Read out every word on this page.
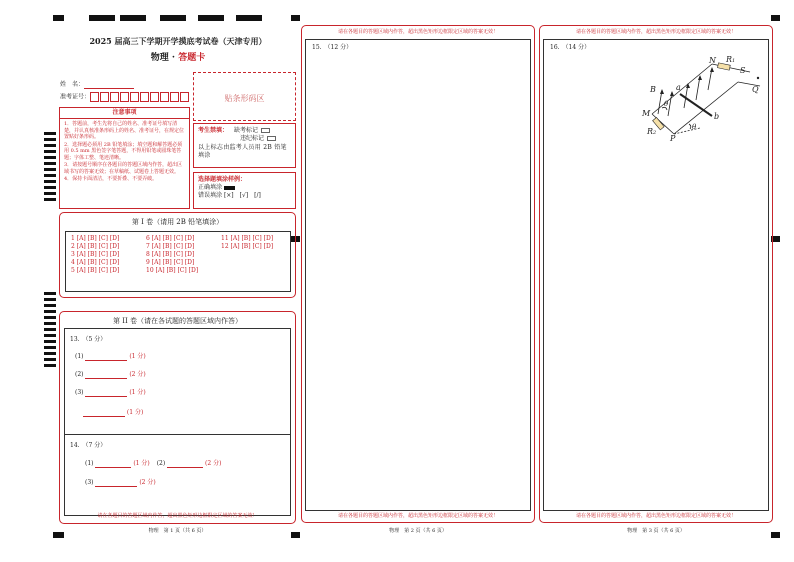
2025 届高三下学期开学摸底考试卷（天津专用）
物理 · 答题卡
姓　名：
准考证号：	贴条形码区
注意事项
1．答题前，考生先将自己的姓名、准考证号填写清楚，并认真核准条形码上的姓名、准考证号，在规定位置贴好条形码。
2．选择题必须用 2B 铅笔填涂；填空题和解答题必须用 0.5 mm 黑色签字笔答题，不得用铅笔或圆珠笔答题；字体工整、笔迹清晰。
3．请按题号顺序在各题目的答题区域内作答，超出区域书写的答案无效；在草稿纸、试题卷上答题无效。
4．保持卡面清洁，不要折叠、不要弄破。
考生禁填： 缺考标记
违纪标记
以上标志由监考人员用 2B 铅笔填涂
选择题填涂样例：
正确填涂
错误填涂 [×]　[√]　[/]
第 I 卷（请用 2B 铅笔填涂）
1 [A] [B] [C] [D]
2 [A] [B] [C] [D]
3 [A] [B] [C] [D]
4 [A] [B] [C] [D]
5 [A] [B] [C] [D]
6 [A] [B] [C] [D]
7 [A] [B] [C] [D]
8 [A] [B] [C] [D]
9 [A] [B] [C] [D]
10 [A] [B] [C] [D]
11 [A] [B] [C] [D]
12 [A] [B] [C] [D]
第 II 卷（请在各试题的答题区域内作答）
13.　（5 分）
(1)	(1 分)
(2)	(2 分)
(3)	(1 分)
(1 分)
14.　（7 分）
(1)	(1 分) (2)	(2 分)
(3)	(2 分)
请在各题目的答题区域内作答，超出黑色矩形边框限定区域的答案无效！
物理　第 1 页（共 6 页）
请在各题目的答题区域内作答，超出黑色矩形边框限定区域的答案无效！
15.　（12 分）
请在各题目的答题区域内作答，超出黑色矩形边框限定区域的答案无效！
物理　第 2 页（共 6 页）
请在各题目的答题区域内作答，超出黑色矩形边框限定区域的答案无效！
16.　（14 分）
请在各题目的答题区域内作答，超出黑色矩形边框限定区域的答案无效！
物理　第 3 页（共 6 页）
N R1
S
Q
B	a
M
θ
R2
b
θ
P
